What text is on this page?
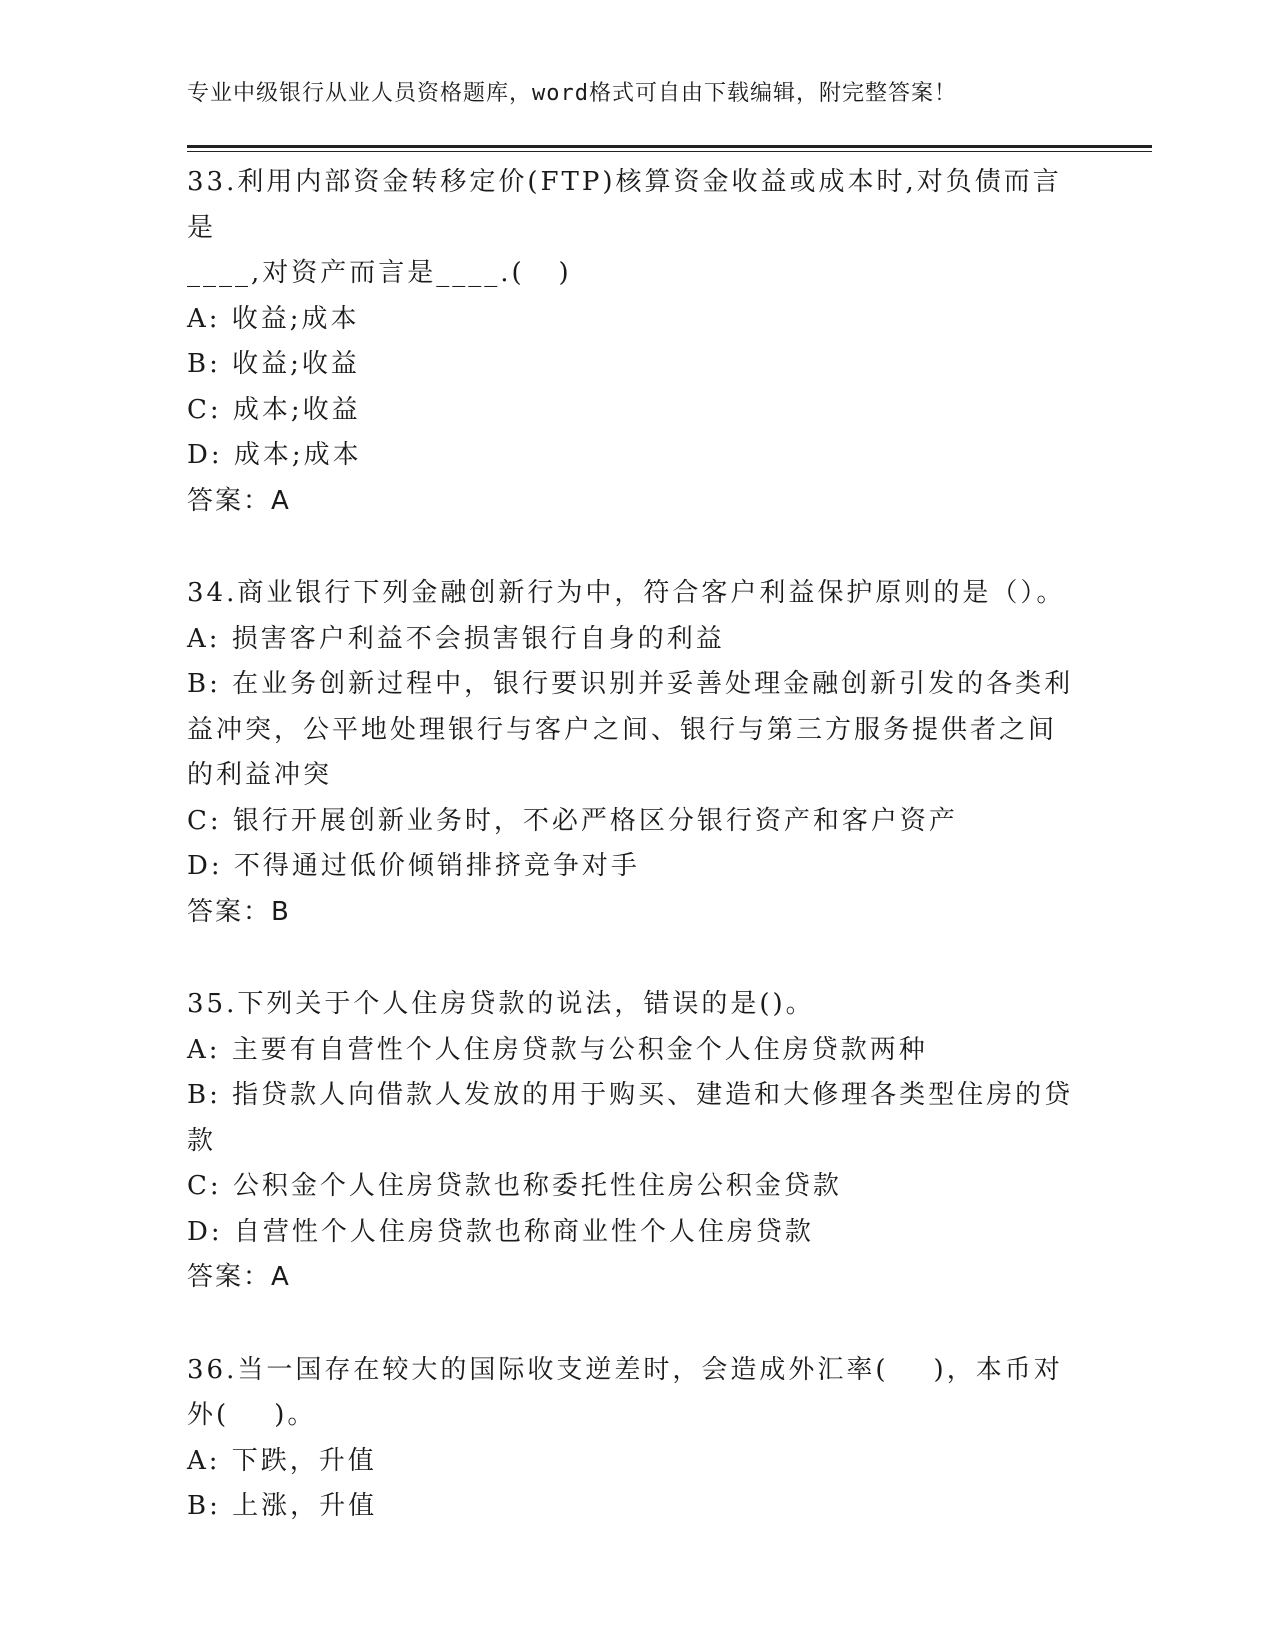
专业中级银行从业人员资格题库，word格式可自由下载编辑，附完整答案！
33.利用内部资金转移定价(FTP)核算资金收益或成本时,对负债而言是
____,对资产而言是____.(   )
A: 收益;成本
B: 收益;收益
C: 成本;收益
D: 成本;成本
答案：A
34.商业银行下列金融创新行为中，符合客户利益保护原则的是（）。
A: 损害客户利益不会损害银行自身的利益
B: 在业务创新过程中，银行要识别并妥善处理金融创新引发的各类利
益冲突，公平地处理银行与客户之间、银行与第三方服务提供者之间
的利益冲突
C: 银行开展创新业务时，不必严格区分银行资产和客户资产
D: 不得通过低价倾销排挤竞争对手
答案：B
35.下列关于个人住房贷款的说法，错误的是()。
A: 主要有自营性个人住房贷款与公积金个人住房贷款两种
B: 指贷款人向借款人发放的用于购买、建造和大修理各类型住房的贷
款
C: 公积金个人住房贷款也称委托性住房公积金贷款
D: 自营性个人住房贷款也称商业性个人住房贷款
答案：A
36.当一国存在较大的国际收支逆差时，会造成外汇率(    )，本币对
外(    )。
A: 下跌，升值
B: 上涨，升值
